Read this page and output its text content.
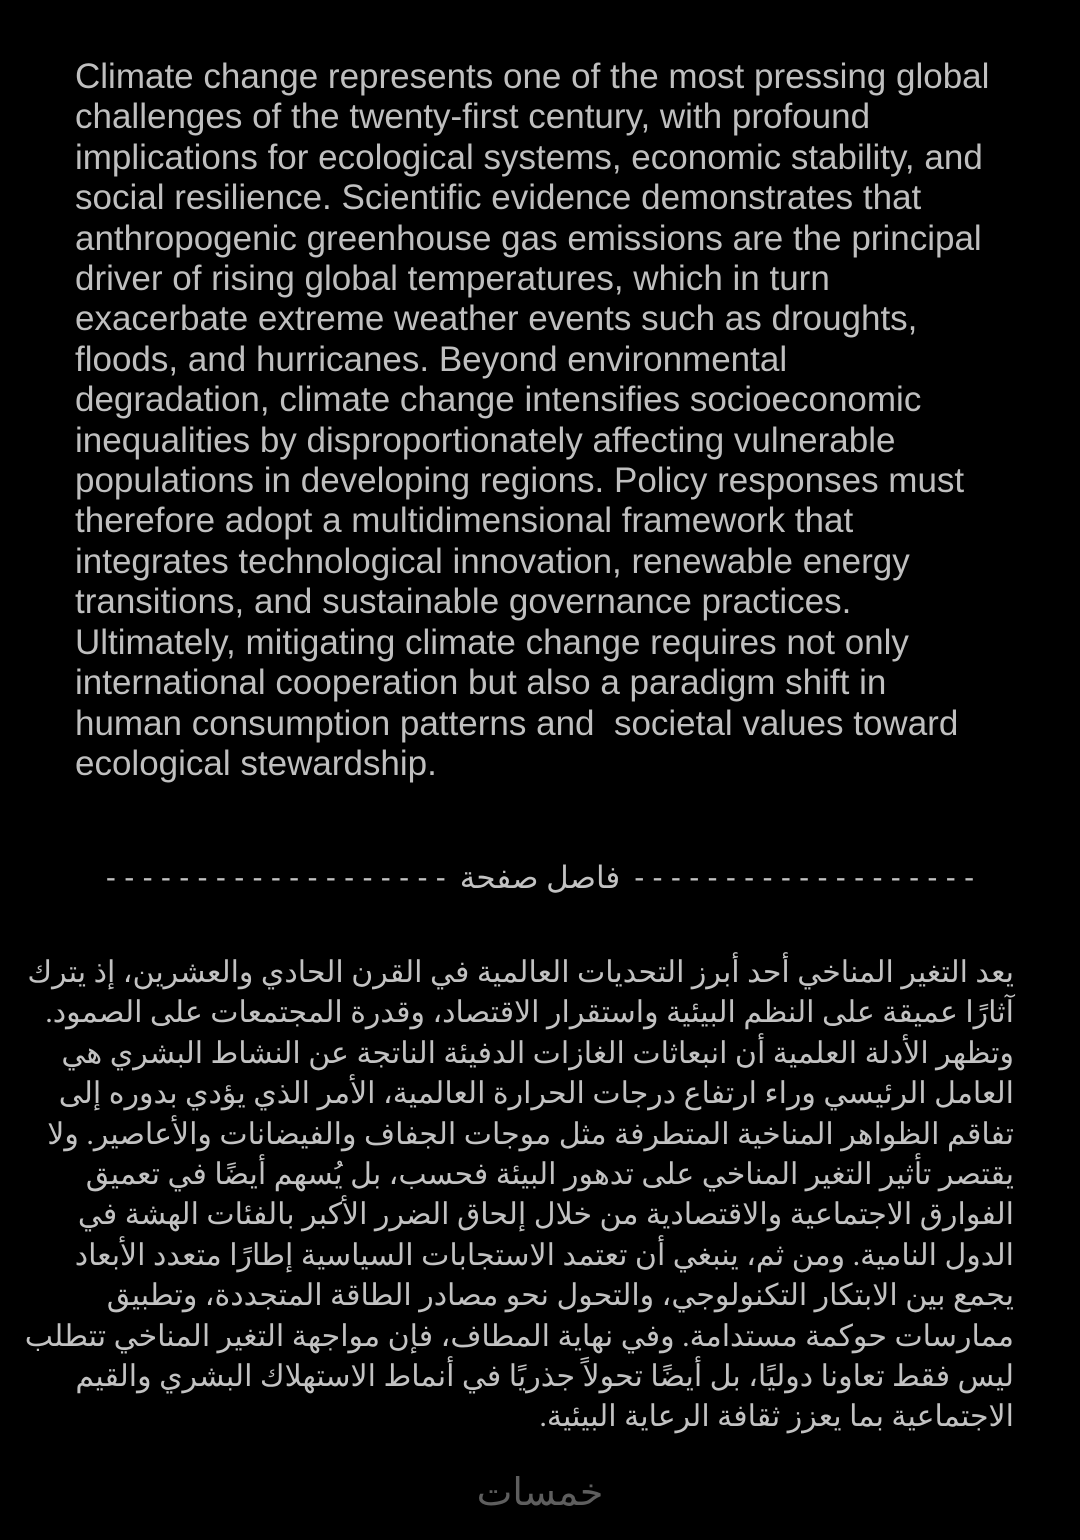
Climate change represents one of the most pressing global
challenges of the twenty-first century, with profound
implications for ecological systems, economic stability, and
social resilience. Scientific evidence demonstrates that
anthropogenic greenhouse gas emissions are the principal
driver of rising global temperatures, which in turn
exacerbate extreme weather events such as droughts,
floods, and hurricanes. Beyond environmental
degradation, climate change intensifies socioeconomic
inequalities by disproportionately affecting vulnerable
populations in developing regions. Policy responses must
therefore adopt a multidimensional framework that
integrates technological innovation, renewable energy
transitions, and sustainable governance practices.
Ultimately, mitigating climate change requires not only
international cooperation but also a paradigm shift in
human consumption patterns and  societal values toward
ecological stewardship.
- - - - - - - - - - - - - - - - - - - فاصل صفحة - - - - - - - - - - - - - - - - - - -
يعد التغير المناخي أحد أبرز التحديات العالمية في القرن الحادي والعشرين، إذ يترك
آثارًا عميقة على النظم البيئية واستقرار الاقتصاد، وقدرة المجتمعات على الصمود.
وتظهر الأدلة العلمية أن انبعاثات الغازات الدفيئة الناتجة عن النشاط البشري هي
العامل الرئيسي وراء ارتفاع درجات الحرارة العالمية، الأمر الذي يؤدي بدوره إلى
تفاقم الظواهر المناخية المتطرفة مثل موجات الجفاف والفيضانات والأعاصير. ولا
يقتصر تأثير التغير المناخي على تدهور البيئة فحسب، بل يُسهم أيضًا في تعميق
الفوارق الاجتماعية والاقتصادية من خلال إلحاق الضرر الأكبر بالفئات الهشة في
الدول النامية. ومن ثم، ينبغي أن تعتمد الاستجابات السياسية إطارًا متعدد الأبعاد
يجمع بين الابتكار التكنولوجي، والتحول نحو مصادر الطاقة المتجددة، وتطبيق
ممارسات حوكمة مستدامة. وفي نهاية المطاف، فإن مواجهة التغير المناخي تتطلب
ليس فقط تعاونا دوليًا، بل أيضًا تحولاً جذريًا في أنماط الاستهلاك البشري والقيم
الاجتماعية بما يعزز ثقافة الرعاية البيئية.
خمسات
